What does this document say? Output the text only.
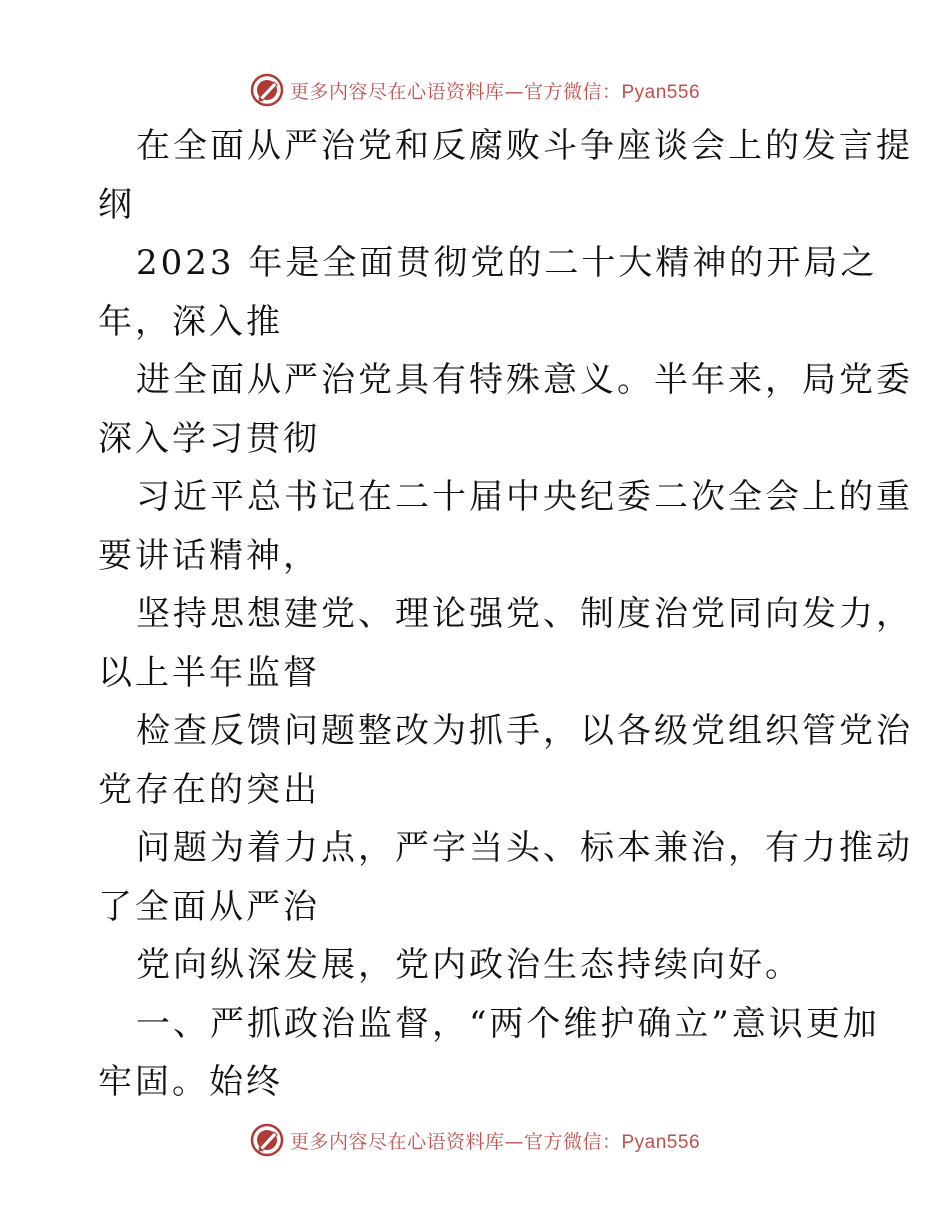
更多内容尽在心语资料库—官方微信：Pyan556
在全面从严治党和反腐败斗争座谈会上的发言提
纲
2023 年是全面贯彻党的二十大精神的开局之
年，深入推
进全面从严治党具有特殊意义。半年来，局党委
深入学习贯彻
习近平总书记在二十届中央纪委二次全会上的重
要讲话精神，
坚持思想建党、理论强党、制度治党同向发力，
以上半年监督
检查反馈问题整改为抓手，以各级党组织管党治
党存在的突出
问题为着力点，严字当头、标本兼治，有力推动
了全面从严治
党向纵深发展，党内政治生态持续向好。
一、严抓政治监督，“两个维护确立”意识更加
牢固。始终
更多内容尽在心语资料库—官方微信：Pyan556
